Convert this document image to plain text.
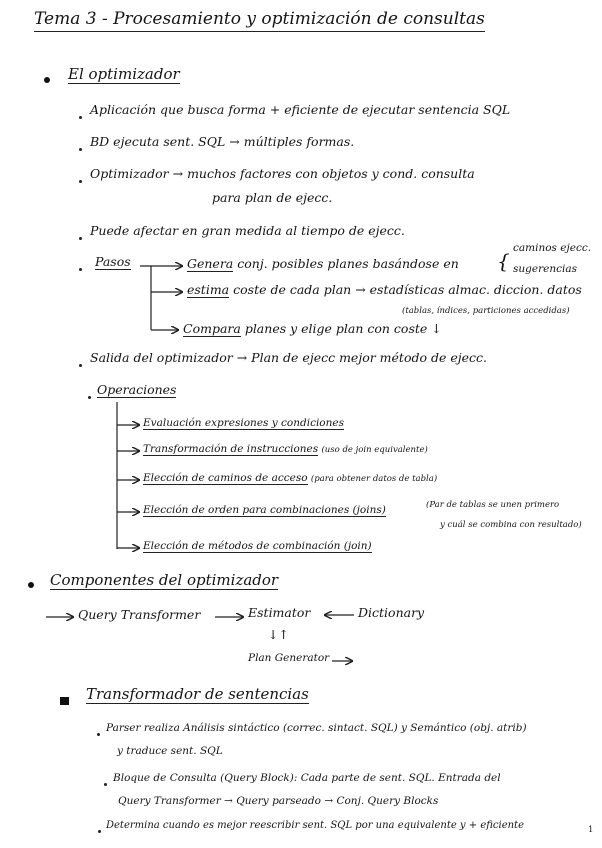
Tema 3 - Procesamiento y optimización de consultas
El optimizador
Aplicación que busca forma + eficiente de ejecutar sentencia SQL
BD ejecuta sent. SQL → múltiples formas.
Optimizador → muchos factores con objetos y cond. consulta
para plan de ejecc.
Puede afectar en gran medida al tiempo de ejecc.
Pasos	Genera conj. posibles planes basándose en
caminos ejecc.
{ sugerencias
estima coste de cada plan → estadísticas almac. diccion. datos
(tablas, índices, particiones accedidas)
Compara planes y elige plan con coste ↓
Salida del optimizador → Plan de ejecc mejor método de ejecc.
Operaciones
Evaluación expresiones y condiciones
Transformación de instrucciones (uso de join equivalente)
Elección de caminos de acceso (para obtener datos de tabla)
Elección de orden para combinaciones (joins)	(Par de tablas se unen primero
y cuál se combina con resultado)
Elección de métodos de combinación (join)
Componentes del optimizador
Query Transformer	Estimator	Dictionary
↓↑
Plan Generator
Transformador de sentencias
Parser realiza Análisis sintáctico (correc. sintact. SQL) y Semántico (obj. atrib)
y traduce sent. SQL
Bloque de Consulta (Query Block): Cada parte de sent. SQL. Entrada del
Query Transformer → Query parseado → Conj. Query Blocks
Determina cuando es mejor reescribir sent. SQL por una equivalente y + eficiente	1
